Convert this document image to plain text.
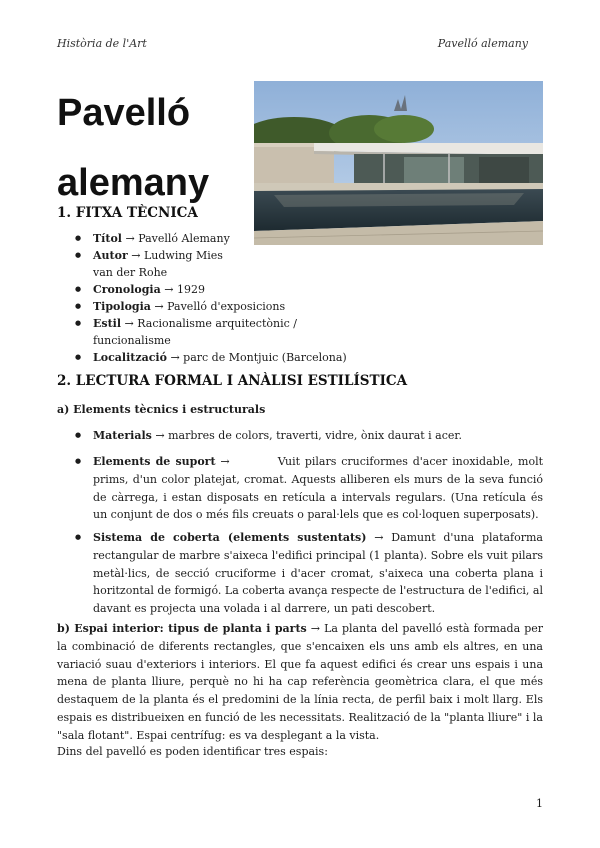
Història de l'Art	Pavelló alemany
Pavelló alemany
1. FITXA TÈCNICA
● Títol → Pavelló Alemany
● Autor → Ludwing Mies van der Rohe
● Cronologia → 1929
● Tipologia → Pavelló d'exposicions
● Estil → Racionalisme arquitectònic / funcionalisme
● Localització → parc de Montjuic (Barcelona)
2. LECTURA FORMAL I ANÀLISI ESTILÍSTICA
a) Elements tècnics i estructurals
● Materials → marbres de colors, traverti, vidre, ònix daurat i acer.
● Elements de suport →	Vuit pilars cruciformes d'acer inoxidable, molt prims, d'un color platejat, cromat. Aquests alliberen els murs de la seva funció de càrrega, i estan disposats en retícula a intervals regulars. (Una retícula és un conjunt de dos o més fils creuats o paral·lels que es col·loquen superposats).
● Sistema de coberta (elements sustentats) → Damunt d'una plataforma rectangular de marbre s'aixeca l'edifici principal (1 planta). Sobre els vuit pilars metàl·lics, de secció cruciforme i d'acer cromat, s'aixeca una coberta plana i horitzontal de formigó. La coberta avança respecte de l'estructura de l'edifici, al davant es projecta una volada i al darrere, un pati descobert.
b) Espai interior: tipus de planta i parts → La planta del pavelló està formada per la combinació de diferents rectangles, que s'encaixen els uns amb els altres, en una variació suau d'exteriors i interiors. El que fa aquest edifici és crear uns espais i una mena de planta lliure, perquè no hi ha cap referència geomètrica clara, el que més destaquem de la planta és el predomini de la línia recta, de perfil baix i molt llarg. Els espais es distribueixen en funció de les necessitats. Realització de la "planta lliure" i la "sala flotant". Espai centrífug: es va desplegant a la vista.
Dins del pavelló es poden identificar tres espais:
1
